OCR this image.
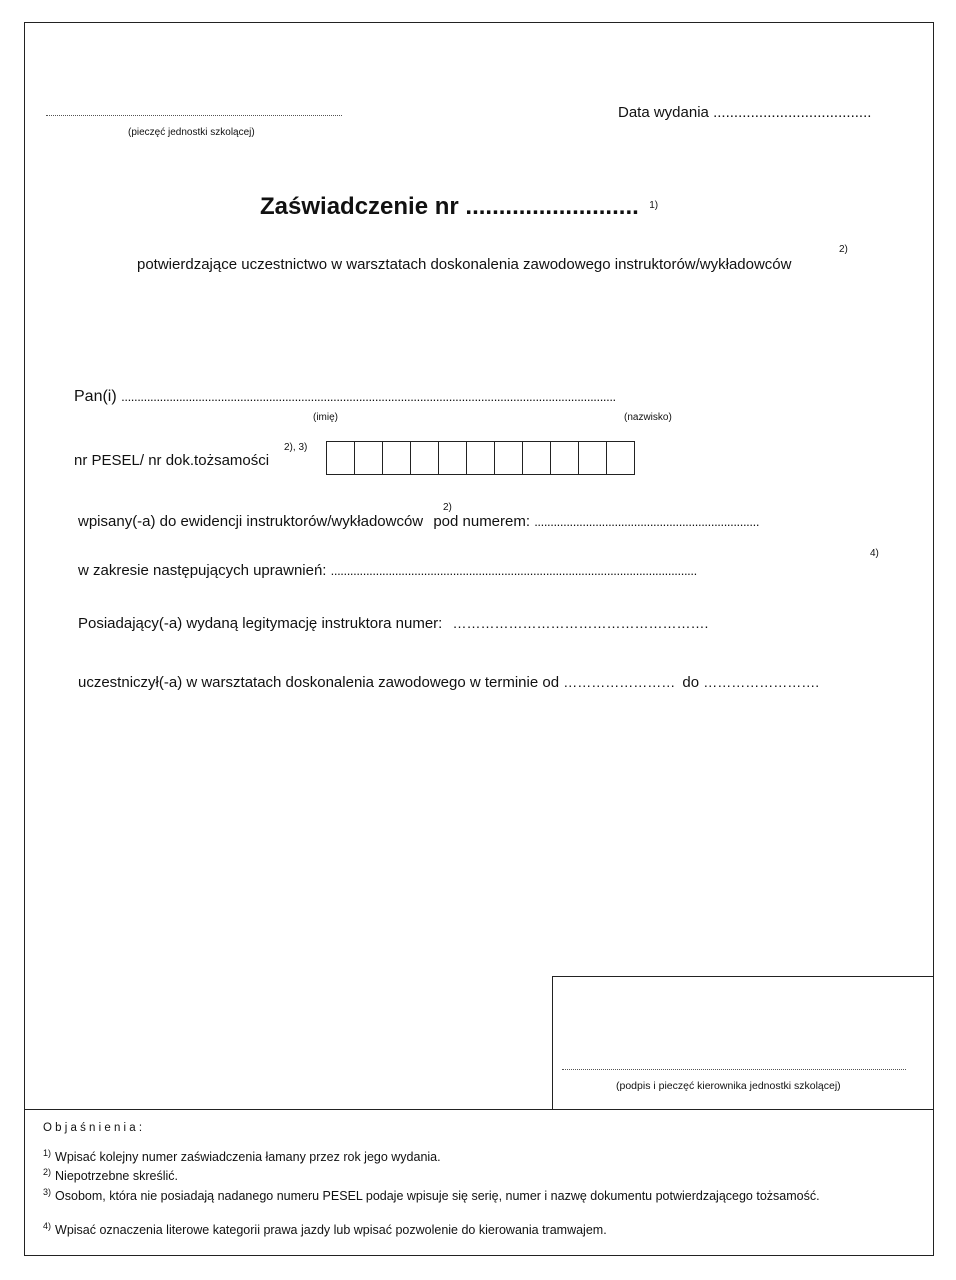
(pieczęć jednostki szkolącej)
Data wydania ......................................
Zaświadczenie nr .......................... $^{1)}$
potwierdzające uczestnictwo w warsztatach doskonalenia zawodowego instruktorów/wykładowców
2)
Pan(i) ..........................................................................................................................................................
(imię)	(nazwisko)
nr PESEL/ nr dok.tożsamości
2), 3)
wpisany(-a) do ewidencji instruktorów/wykładowców pod numerem: ......................................................................
2)
w zakresie następujących uprawnień: ..................................................................................................................
4)
Posiadający(-a) wydaną legitymację instruktora numer: ……………………………………………….
uczestniczył(-a) w warsztatach doskonalenia zawodowego w terminie od …………………… do …………………….
(podpis i pieczęć kierownika jednostki szkolącej)
O b j a ś n i e n i a :
$^{1)}$ Wpisać kolejny numer zaświadczenia łamany przez rok jego wydania.
$^{2)}$ Niepotrzebne skreślić.
$^{3)}$ Osobom, która nie posiadają nadanego numeru PESEL podaje wpisuje się serię, numer i nazwę dokumentu potwierdzającego tożsamość.
$^{4)}$ Wpisać oznaczenia literowe kategorii prawa jazdy lub wpisać pozwolenie do kierowania tramwajem.
